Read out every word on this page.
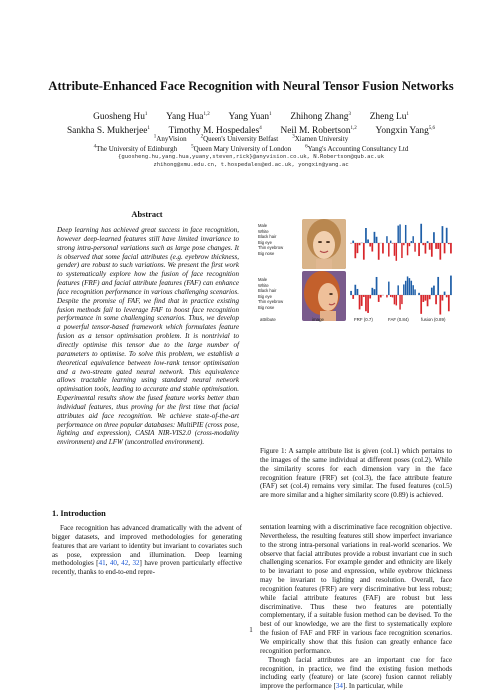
Attribute-Enhanced Face Recognition with Neural Tensor Fusion Networks
Guosheng Hu$^1$   Yang Hua$^{1,2}$   Yang Yuan$^1$   Zhihong Zhang$^3$   Zheng Lu$^1$
Sankha S. Mukherjee$^1$   Timothy M. Hospedales$^4$   Neil M. Robertson$^{1,2}$   Yongxin Yang$^{5,6}$
$^1$AnyVision  	$^2$Queen's University Belfast  	$^3$Xiamen University
$^4$The University of Edinburgh  	$^5$Queen Mary University of London  	$^6$Yang's Accounting Consultancy Ltd
{guosheng.hu,yang.hua,yuany,steven,rick}@anyvision.co.uk, N.Robertson@qub.ac.uk
zhihong@xmu.edu.cn, t.hospedales@ed.ac.uk, yongxin@yang.ac
Abstract
Deep learning has achieved great success in face recognition, however deep-learned features still have limited invariance to strong intra-personal variations such as large pose changes. It is observed that some facial attributes (e.g. eyebrow thickness, gender) are robust to such variations. We present the first work to systematically explore how the fusion of face recognition features (FRF) and facial attribute features (FAF) can enhance face recognition performance in various challenging scenarios. Despite the promise of FAF, we find that in practice existing fusion methods fail to leverage FAF to boost face recognition performance in some challenging scenarios. Thus, we develop a powerful tensor-based framework which formulates feature fusion as a tensor optimisation problem. It is nontrivial to directly optimise this tensor due to the large number of parameters to optimise. To solve this problem, we establish a theoretical equivalence between low-rank tensor optimisation and a two-stream gated neural network. This equivalence allows tractable learning using standard neural network optimisation tools, leading to accurate and stable optimisation. Experimental results show the fused feature works better than individual features, thus proving for the first time that facial attributes aid face recognition. We achieve state-of-the-art performance on three popular databases: MultiPIE (cross pose, lighting and expression), CASIA NIR-VIS2.0 (cross-modality environment) and LFW (uncontrolled environment).
1. Introduction
Face recognition has advanced dramatically with the advent of bigger datasets, and improved methodologies for generating features that are variant to identity but invariant to covariates such as pose, expression and illumination. Deep learning methodologies [41, 40, 42, 32] have proven particularly effective recently, thanks to end-to-end repre-
Male
White
Black hair
Big eye
Thin eyebrow
Big nose
Male
White
Black hair
Big eye
Thin eyebrow
Big nose
attribute	image	FRF (0.7)	FAF (0.84)	fusion (0.89)
Figure 1: A sample attribute list is given (col.1) which pertains to the images of the same individual at different poses (col.2). While the similarity scores for each dimension vary in the face recognition feature (FRF) set (col.3), the face attribute feature (FAF) set (col.4) remains very similar. The fused features (col.5) are more similar and a higher similarity score (0.89) is achieved.

sentation learning with a discriminative face recognition objective. Nevertheless, the resulting features still show imperfect invariance to the strong intra-personal variations in real-world scenarios. We observe that facial attributes provide a robust invariant cue in such challenging scenarios. For example gender and ethnicity are likely to be invariant to pose and expression, while eyebrow thickness may be invariant to lighting and resolution. Overall, face recognition features (FRF) are very discriminative but less robust; while facial attribute features (FAF) are robust but less discriminative. Thus these two features are potentially complementary, if a suitable fusion method can be devised. To the best of our knowledge, we are the first to systematically explore the fusion of FAF and FRF in various face recognition scenarios. We empirically show that this fusion can greatly enhance face recognition performance.

Though facial attributes are an important cue for face recognition, in practice, we find the existing fusion methods including early (feature) or late (score) fusion cannot reliably improve the performance [34]. In particular, while

1
